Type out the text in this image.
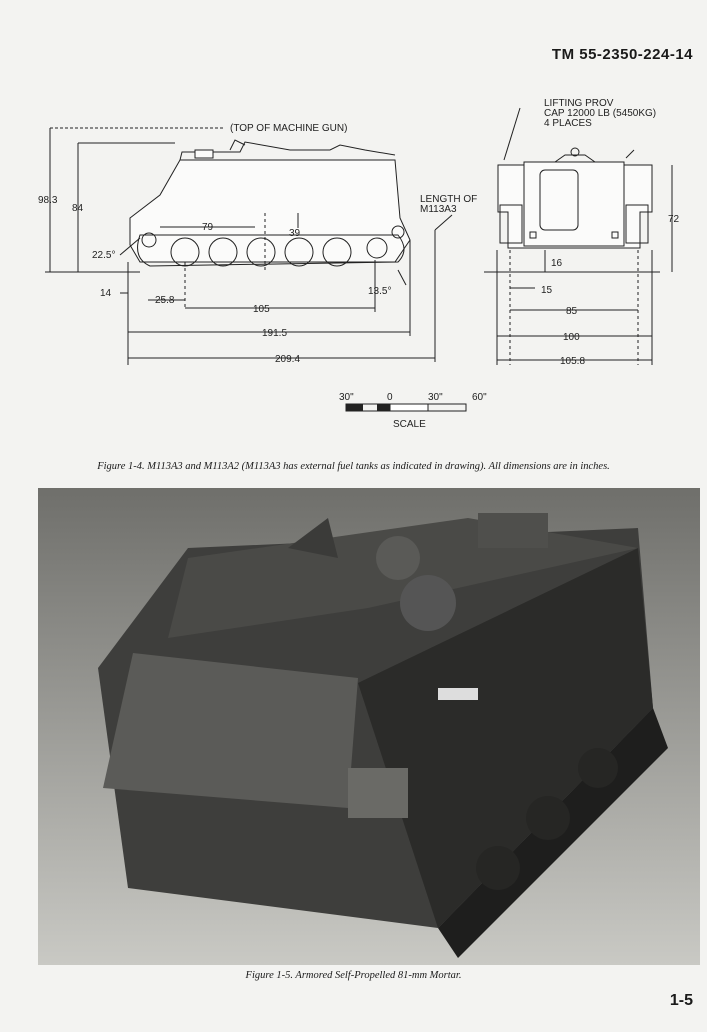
TM 55-2350-224-14
(TOP OF MACHINE GUN)
LIFTING PROV
CAP 12000 LB (5450KG)
4 PLACES
LENGTH OF
M113A3
98.3
84
22.5°
79
39
14
25.8
105
13.5°
191.5
209.4
72
16
15
85
100
105.8
30"	0	30"	60"
SCALE
Figure 1-4. M113A3 and M113A2 (M113A3 has external fuel tanks as indicated in drawing). All dimensions are in inches.
Figure 1-5. Armored Self-Propelled 81-mm Mortar.
1-5
